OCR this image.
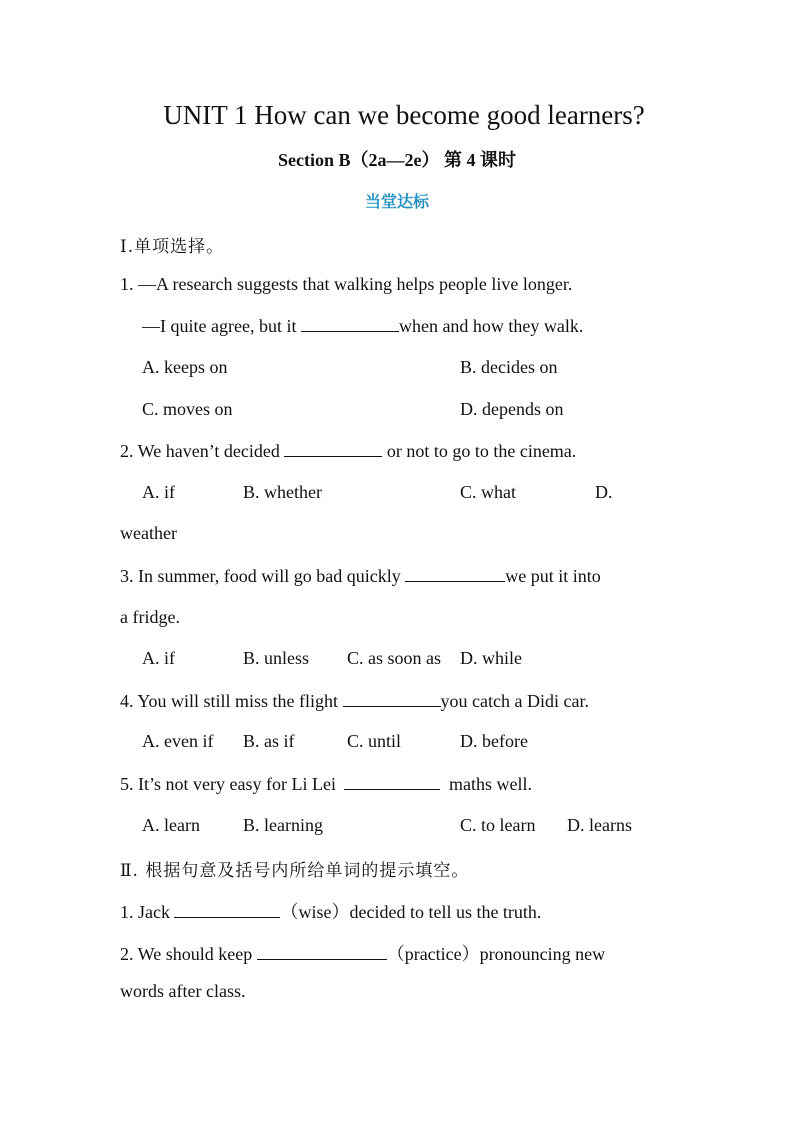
UNIT 1 How can we become good learners?
Section B（2a—2e） 第 4 课时
当堂达标
Ⅰ.单项选择。
1. —A research suggests that walking helps people live longer.
—I quite agree, but it	when and how they walk.
A. keeps on	B. decides on
C. moves on	D. depends on
2. We haven’t decided	or not to go to the cinema.
A. if	B. whether	C. what	D.
weather
3. In summer, food will go bad quickly	we put it into
a fridge.
A. if	B. unless C. as soon as D. while
4. You will still miss the flight	you catch a Didi car.
A. even if B. as if	C. until	D. before
5. It’s not very easy for Li Lei	maths well.
A. learn B. learning	C. to learn D. learns
Ⅱ. 根据句意及括号内所给单词的提示填空。
1. Jack	（wise）decided to tell us the truth.
2. We should keep	（practice）pronouncing new
words after class.
